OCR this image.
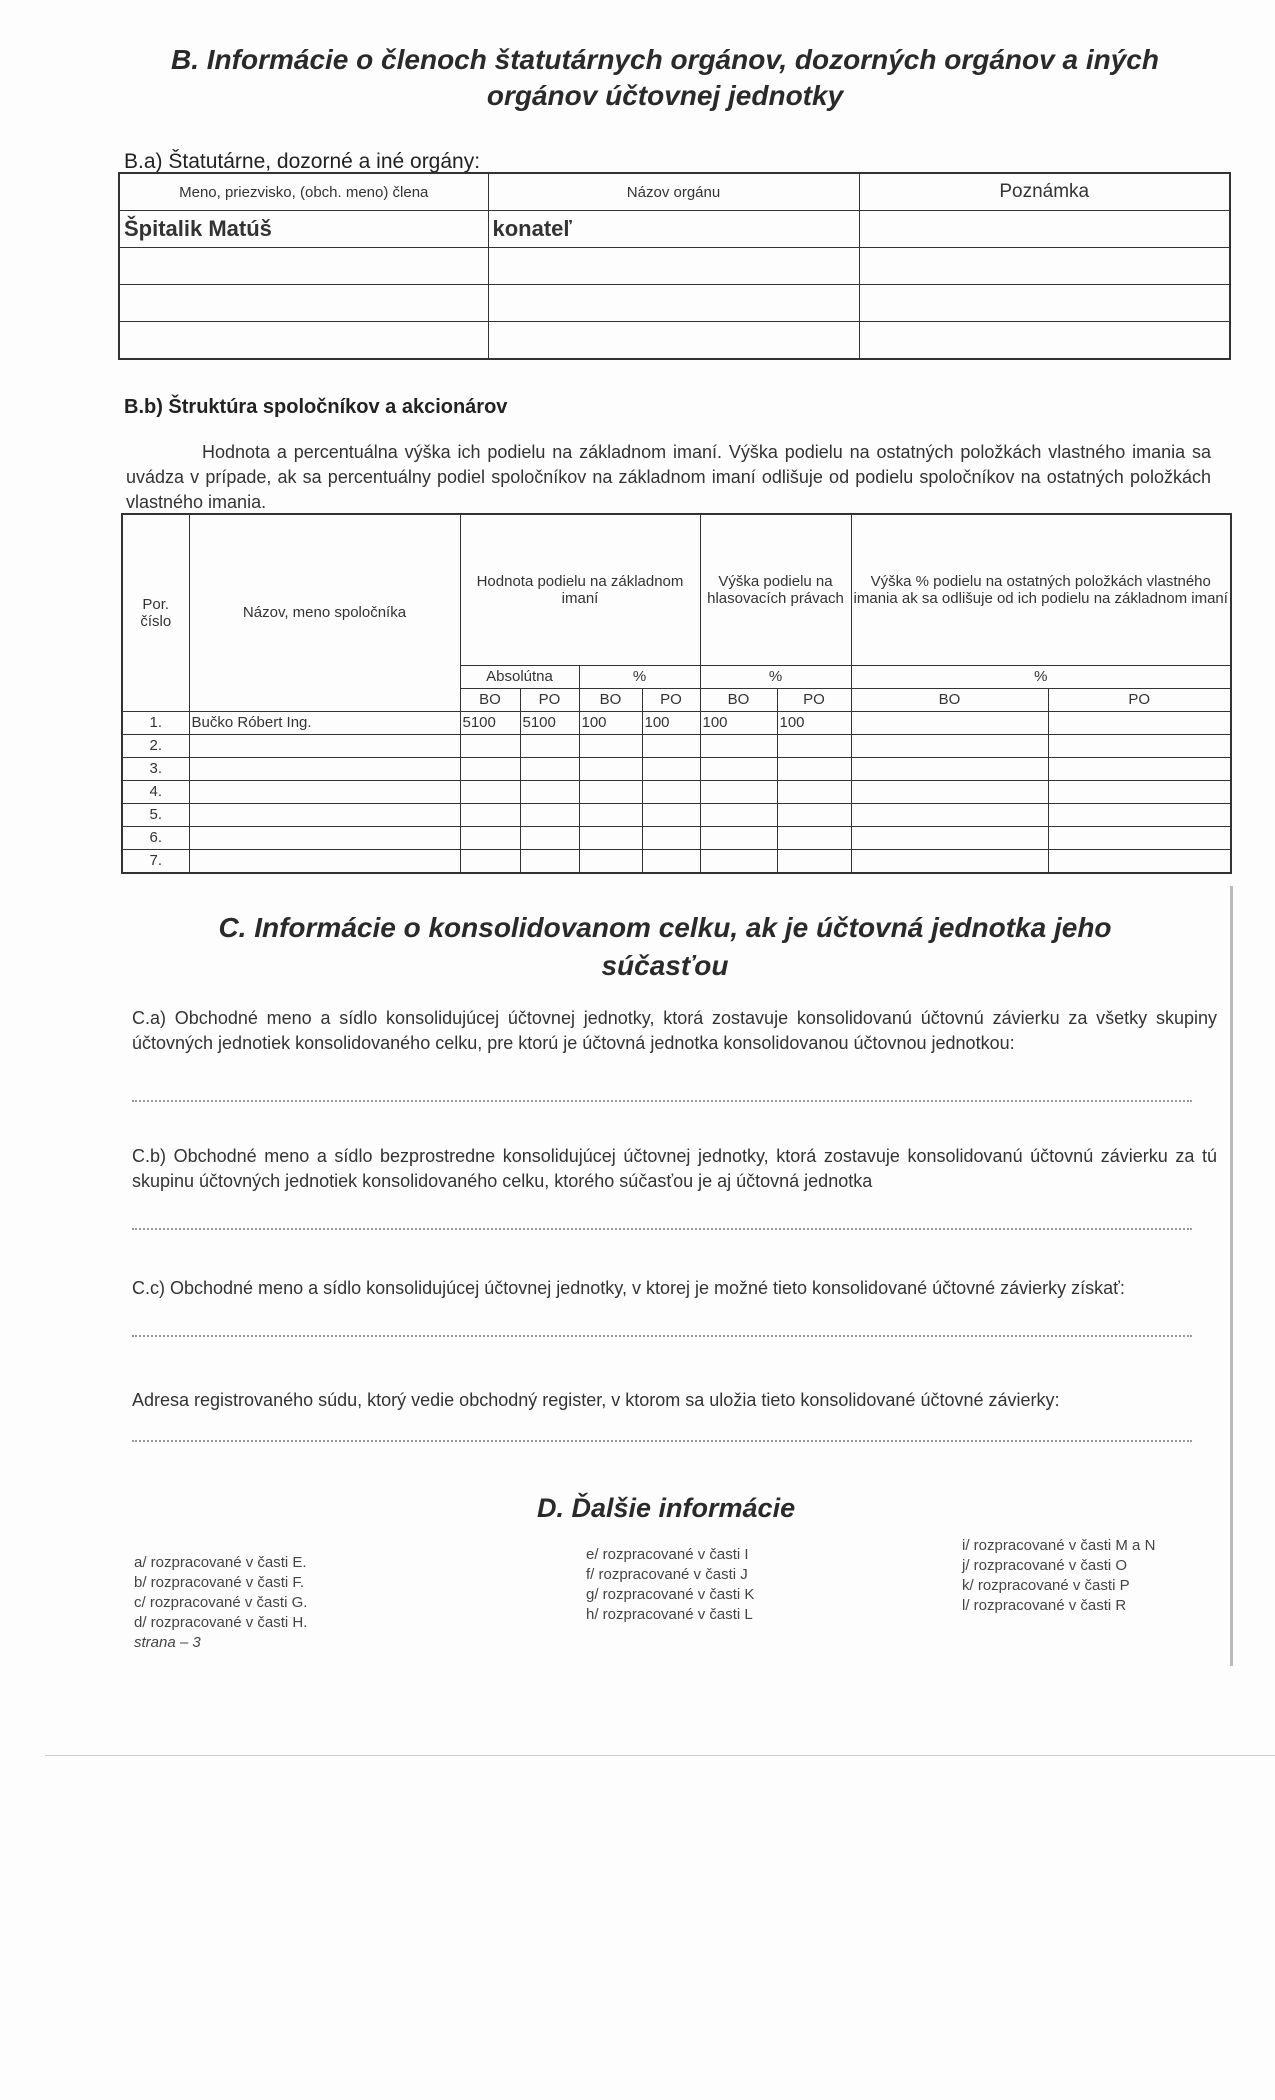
B. Informácie o členoch štatutárnych orgánov, dozorných orgánov a iných
orgánov účtovnej jednotky
B.a) Štatutárne, dozorné a iné orgány:
Meno, priezvisko, (obch. meno) člena	Názov orgánu	Poznámka
Špitalik Matúš	konateľ	

B.b) Štruktúra spoločníkov a akcionárov
Hodnota a percentuálna výška ich podielu na základnom imaní. Výška podielu na ostatných položkách vlastného imania sa uvádza v prípade, ak sa percentuálny podiel spoločníkov na základnom imaní odlišuje od podielu spoločníkov na ostatných položkách vlastného imania.
Por. číslo	Názov, meno spoločníka	Hodnota podielu na základnom imaní				Výška podielu na hlasovacích právach		Výška % podielu na ostatných položkách vlastného imania ak sa odlišuje od ich podielu na základnom imaní	
		Absolútna		%		%		%	
		BO	PO	BO	PO	BO	PO	BO	PO
1.	Bučko Róbert Ing.	5100	5100	100	100	100	100		
2.									
3.									
4.									
5.									
6.									
7.									
C. Informácie o konsolidovanom celku, ak je účtovná jednotka jeho
súčasťou
C.a) Obchodné meno a sídlo konsolidujúcej účtovnej jednotky, ktorá zostavuje konsolidovanú účtovnú závierku za všetky skupiny účtovných jednotiek konsolidovaného celku, pre ktorú je účtovná jednotka konsolidovanou účtovnou jednotkou:
C.b) Obchodné meno a sídlo bezprostredne konsolidujúcej účtovnej jednotky, ktorá zostavuje konsolidovanú účtovnú závierku za tú skupinu účtovných jednotiek konsolidovaného celku, ktorého súčasťou je aj účtovná jednotka
C.c) Obchodné meno a sídlo konsolidujúcej účtovnej jednotky, v ktorej je možné tieto konsolidované účtovné závierky získať:
Adresa registrovaného súdu, ktorý vedie obchodný register, v ktorom sa uložia tieto konsolidované účtovné závierky:
D. Ďalšie informácie
a/ rozpracované v časti E.
b/ rozpracované v časti F.
c/ rozpracované v časti G.
d/ rozpracované v časti H.
strana – 3
e/ rozpracované v časti I
f/ rozpracované v časti J
g/ rozpracované v časti K
h/ rozpracované v časti L
i/ rozpracované v časti M a N
j/ rozpracované v časti O
k/ rozpracované v časti P
l/ rozpracované v časti R
